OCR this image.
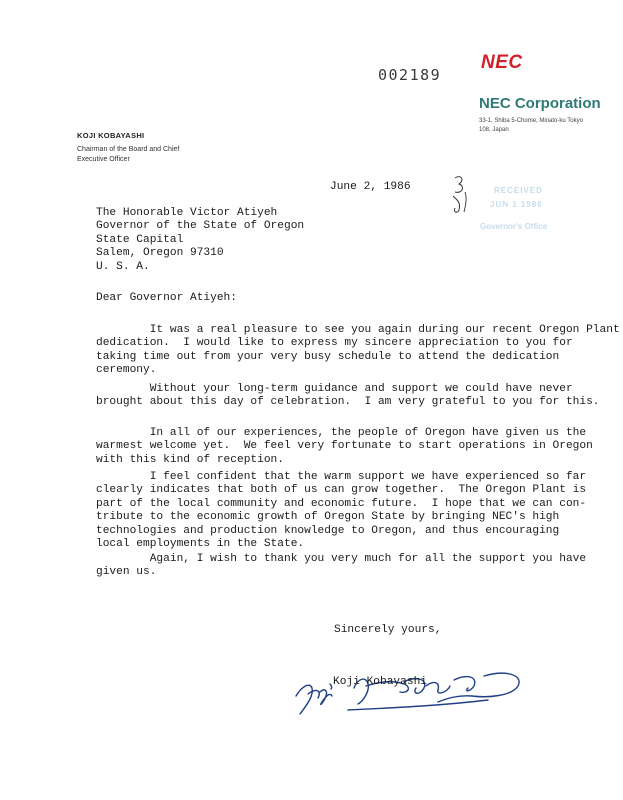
002189
NEC
NEC Corporation
33-1, Shiba 5-Chome, Minato-ku Tokyo 108, Japan
KOJI KOBAYASHI
Chairman of the Board and Chief Executive Officer
RECEIVED
JUN 1 1986
Governor's Office
June 2, 1986
The Honorable Victor Atiyeh
Governor of the State of Oregon
State Capital
Salem, Oregon 97310
U. S. A.
Dear Governor Atiyeh:
It was a real pleasure to see you again during our recent Oregon Plant
dedication.  I would like to express my sincere appreciation to you for
taking time out from your very busy schedule to attend the dedication
ceremony.
Without your long-term guidance and support we could have never
brought about this day of celebration.  I am very grateful to you for this.
In all of our experiences, the people of Oregon have given us the
warmest welcome yet.  We feel very fortunate to start operations in Oregon
with this kind of reception.
I feel confident that the warm support we have experienced so far
clearly indicates that both of us can grow together.  The Oregon Plant is
part of the local community and economic future.  I hope that we can con-
tribute to the economic growth of Oregon State by bringing NEC's high
technologies and production knowledge to Oregon, and thus encouraging
local employments in the State.
Again, I wish to thank you very much for all the support you have
given us.
Sincerely yours,
Koji Kobayashi
